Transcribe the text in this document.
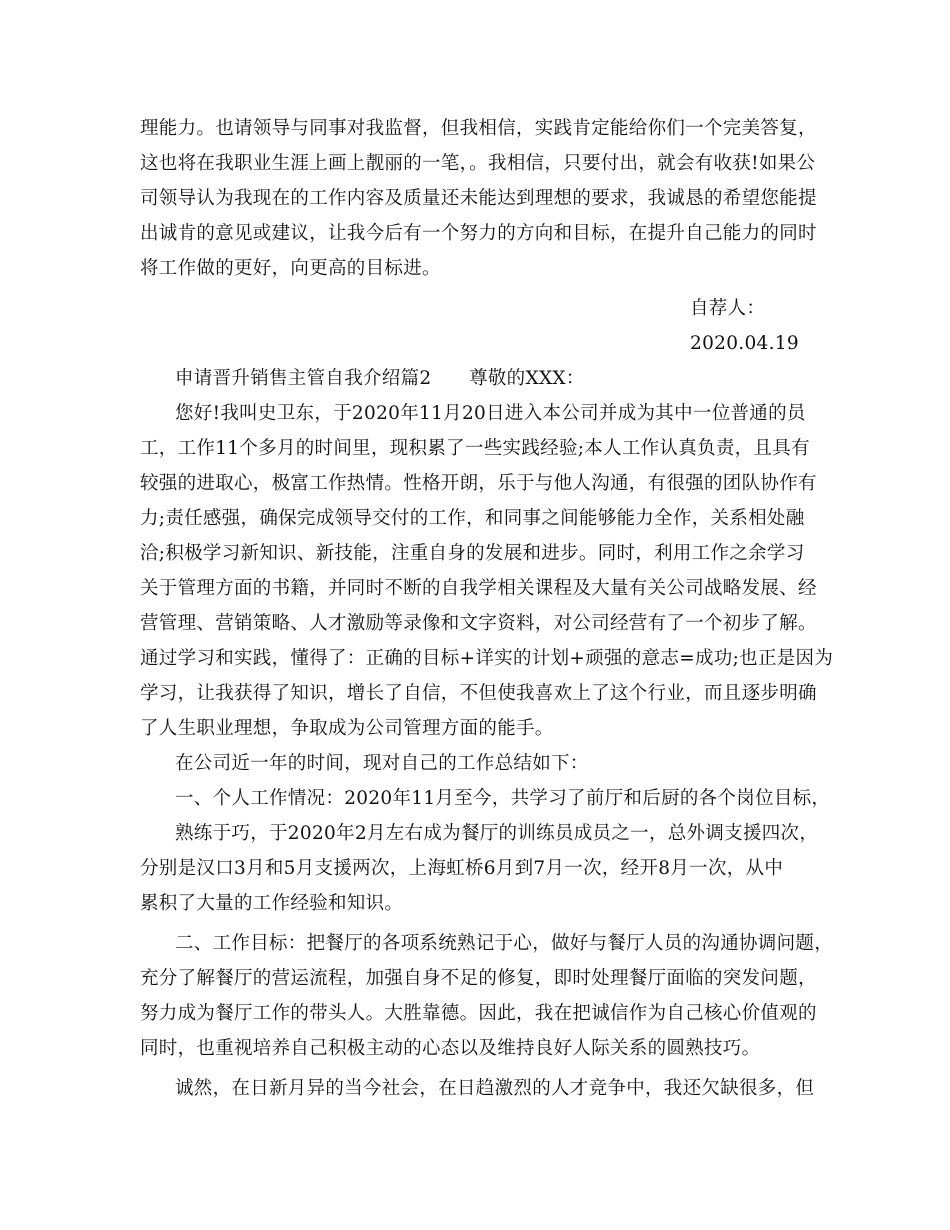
理能力。也请领导与同事对我监督，但我相信，实践肯定能给你们一个完美答复，
这也将在我职业生涯上画上靓丽的一笔，。我相信，只要付出，就会有收获!如果公
司领导认为我现在的工作内容及质量还未能达到理想的要求，我诚恳的希望您能提
出诚肯的意见或建议，让我今后有一个努力的方向和目标，在提升自己能力的同时
将工作做的更好，向更高的目标进。
自荐人：
2020.04.19
申请晋升销售主管自我介绍篇2　　尊敬的XXX：
您好!我叫史卫东，于2020年11月20日进入本公司并成为其中一位普通的员
工，工作11个多月的时间里，现积累了一些实践经验;本人工作认真负责，且具有
较强的进取心，极富工作热情。性格开朗，乐于与他人沟通，有很强的团队协作有
力;责任感强，确保完成领导交付的工作，和同事之间能够能力全作，关系相处融
洽;积极学习新知识、新技能，注重自身的发展和进步。同时，利用工作之余学习
关于管理方面的书籍，并同时不断的自我学相关课程及大量有关公司战略发展、经
营管理、营销策略、人才激励等录像和文字资料，对公司经营有了一个初步了解。
通过学习和实践，懂得了：正确的目标+详实的计划+顽强的意志=成功;也正是因为
学习，让我获得了知识，增长了自信，不但使我喜欢上了这个行业，而且逐步明确
了人生职业理想，争取成为公司管理方面的能手。
在公司近一年的时间，现对自己的工作总结如下：
一、个人工作情况：2020年11月至今，共学习了前厅和后厨的各个岗位目标，
熟练于巧，于2020年2月左右成为餐厅的训练员成员之一，总外调支援四次，
分别是汉口3月和5月支援两次，上海虹桥6月到7月一次，经开8月一次，从中
累积了大量的工作经验和知识。
二、工作目标：把餐厅的各项系统熟记于心，做好与餐厅人员的沟通协调问题，
充分了解餐厅的营运流程，加强自身不足的修复，即时处理餐厅面临的突发问题，
努力成为餐厅工作的带头人。大胜靠德。因此，我在把诚信作为自己核心价值观的
同时，也重视培养自己积极主动的心态以及维持良好人际关系的圆熟技巧。
诚然，在日新月异的当今社会，在日趋激烈的人才竞争中，我还欠缺很多，但
